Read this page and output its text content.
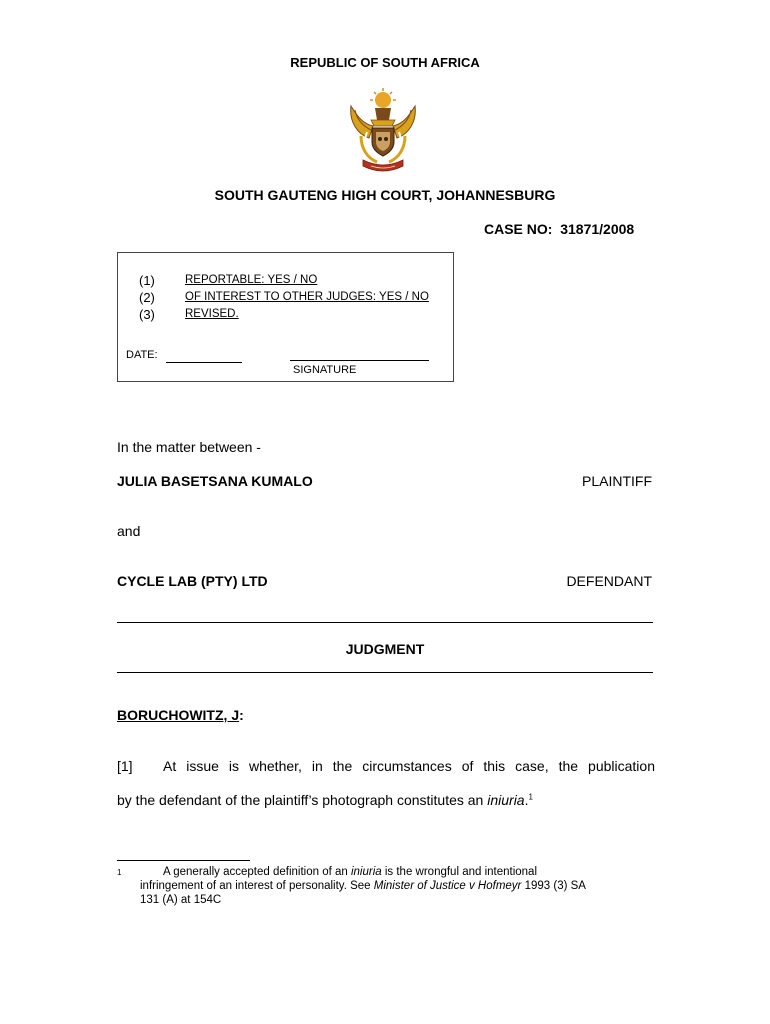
REPUBLIC OF SOUTH AFRICA
SOUTH GAUTENG HIGH COURT, JOHANNESBURG
CASE NO: 31871/2008
(1)	REPORTABLE: YES / NO
(2)	OF INTEREST TO OTHER JUDGES: YES / NO
(3)	REVISED.
DATE:
SIGNATURE
In the matter between -
JULIA BASETSANA KUMALO	PLAINTIFF
and
CYCLE LAB (PTY) LTD	DEFENDANT
JUDGMENT
BORUCHOWITZ, J:
[1] At issue is whether, in the circumstances of this case, the publication
by the defendant of the plaintiff’s photograph constitutes an iniuria.$^1$
1	A generally accepted definition of an iniuria is the wrongful and intentional
infringement of an interest of personality. See Minister of Justice v Hofmeyr 1993 (3) SA
131 (A) at 154C
